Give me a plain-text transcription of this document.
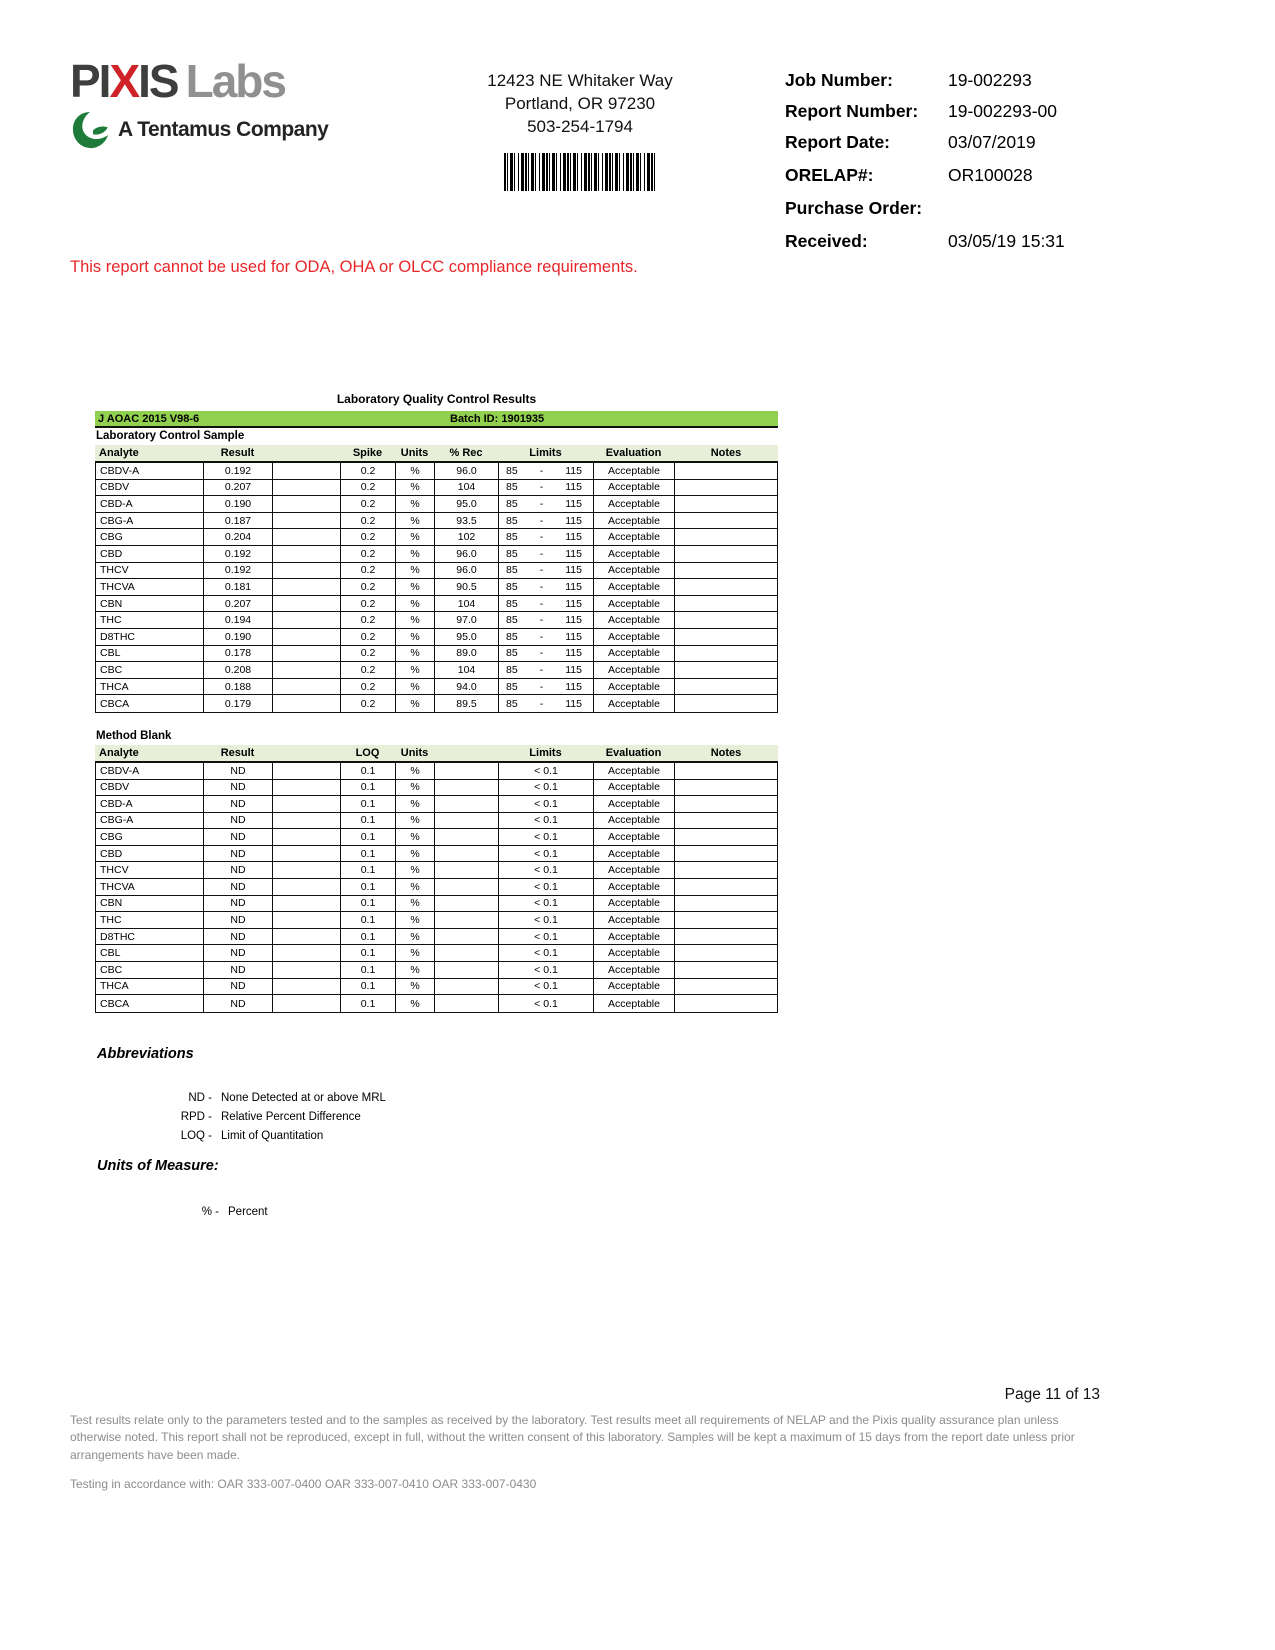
PIXIS Labs
A Tentamus Company
12423 NE Whitaker Way
Portland, OR 97230
503-254-1794
Job Number:	19-002293
Report Number:	19-002293-00
Report Date:	03/07/2019
ORELAP#:	OR100028
Purchase Order:
Received:	03/05/19 15:31
This report cannot be used for ODA, OHA or OLCC compliance requirements.
Laboratory Quality Control Results
J AOAC 2015 V98-6	Batch ID: 1901935
Laboratory Control Sample
Analyte	Result	Spike	Units	% Rec	Limits	Evaluation	Notes
CBDV-A	0.192	0.2	%	96.0	85 - 115	Acceptable
CBDV	0.207	0.2	%	104	85 - 115	Acceptable
CBD-A	0.190	0.2	%	95.0	85 - 115	Acceptable
CBG-A	0.187	0.2	%	93.5	85 - 115	Acceptable
CBG	0.204	0.2	%	102	85 - 115	Acceptable
CBD	0.192	0.2	%	96.0	85 - 115	Acceptable
THCV	0.192	0.2	%	96.0	85 - 115	Acceptable
THCVA	0.181	0.2	%	90.5	85 - 115	Acceptable
CBN	0.207	0.2	%	104	85 - 115	Acceptable
THC	0.194	0.2	%	97.0	85 - 115	Acceptable
D8THC	0.190	0.2	%	95.0	85 - 115	Acceptable
CBL	0.178	0.2	%	89.0	85 - 115	Acceptable
CBC	0.208	0.2	%	104	85 - 115	Acceptable
THCA	0.188	0.2	%	94.0	85 - 115	Acceptable
CBCA	0.179	0.2	%	89.5	85 - 115	Acceptable
Method Blank
Analyte	Result	LOQ	Units	Limits	Evaluation	Notes
CBDV-A	ND	0.1	%	< 0.1	Acceptable
CBDV	ND	0.1	%	< 0.1	Acceptable
CBD-A	ND	0.1	%	< 0.1	Acceptable
CBG-A	ND	0.1	%	< 0.1	Acceptable
CBG	ND	0.1	%	< 0.1	Acceptable
CBD	ND	0.1	%	< 0.1	Acceptable
THCV	ND	0.1	%	< 0.1	Acceptable
THCVA	ND	0.1	%	< 0.1	Acceptable
CBN	ND	0.1	%	< 0.1	Acceptable
THC	ND	0.1	%	< 0.1	Acceptable
D8THC	ND	0.1	%	< 0.1	Acceptable
CBL	ND	0.1	%	< 0.1	Acceptable
CBC	ND	0.1	%	< 0.1	Acceptable
THCA	ND	0.1	%	< 0.1	Acceptable
CBCA	ND	0.1	%	< 0.1	Acceptable
Abbreviations
ND - None Detected at or above MRL
RPD - Relative Percent Difference
LOQ - Limit of Quantitation
Units of Measure:
% - Percent
Page 11 of 13
Test results relate only to the parameters tested and to the samples as received by the laboratory. Test results meet all requirements of NELAP and the Pixis quality assurance plan unless otherwise noted. This report shall not be reproduced, except in full, without the written consent of this laboratory. Samples will be kept a maximum of 15 days from the report date unless prior arrangements have been made.
Testing in accordance with: OAR 333-007-0400 OAR 333-007-0410 OAR 333-007-0430
